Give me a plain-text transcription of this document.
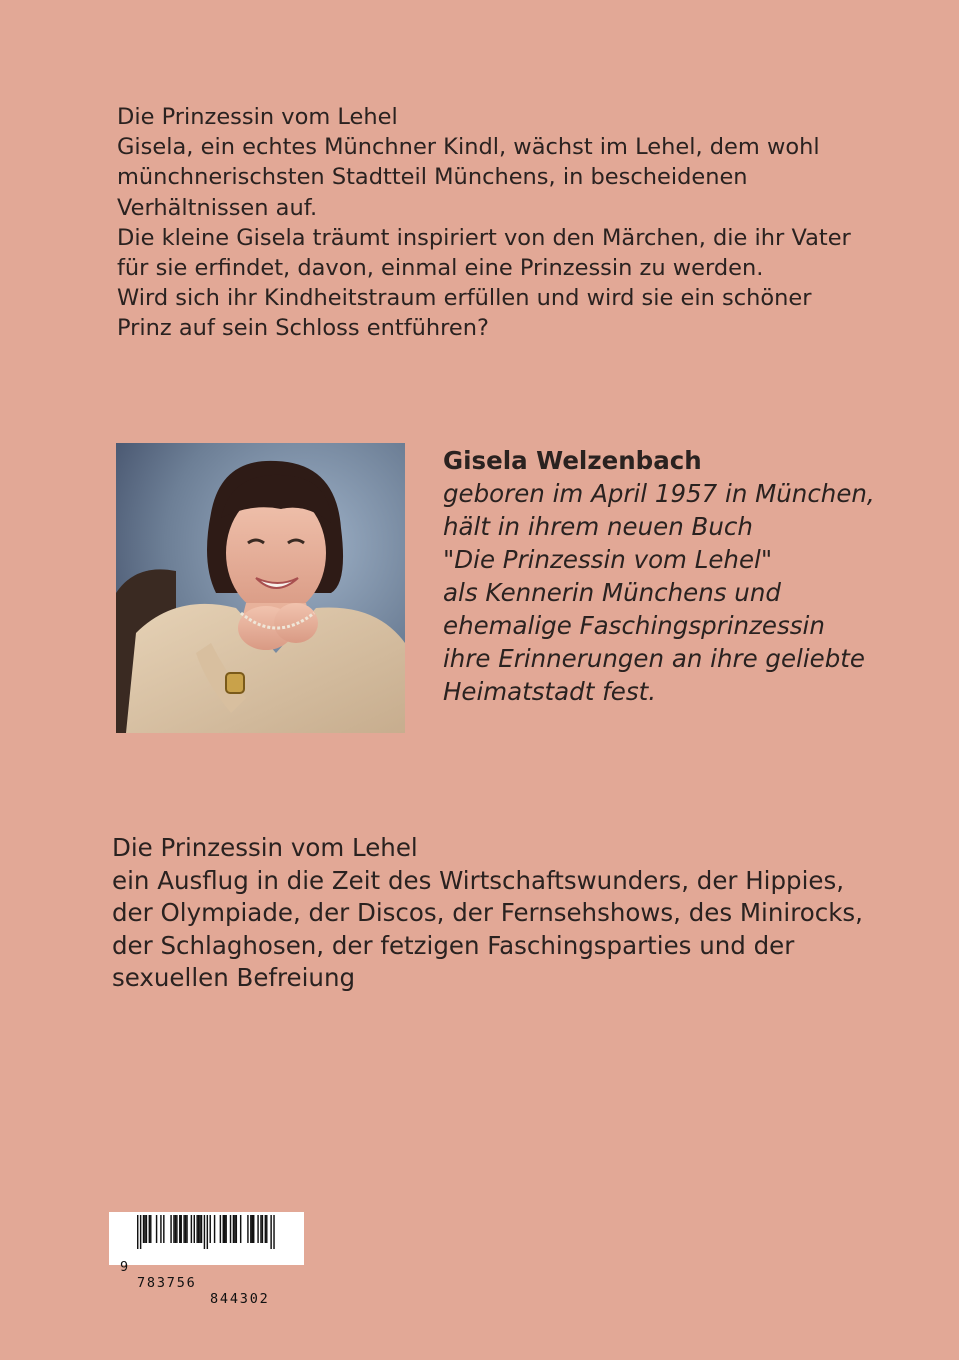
Die Prinzessin vom Lehel
Gisela, ein echtes Münchner Kindl, wächst im Lehel, dem wohl
münchnerischsten Stadtteil Münchens, in bescheidenen
Verhältnissen auf.
Die kleine Gisela träumt inspiriert von den Märchen, die ihr Vater
für sie erfindet, davon, einmal eine Prinzessin zu werden.
Wird sich ihr Kindheitstraum erfüllen und wird sie ein schöner
Prinz auf sein Schloss entführen?
Gisela Welzenbach
geboren im April 1957 in München,
hält in ihrem neuen Buch
"Die Prinzessin vom Lehel"
als Kennerin Münchens und
ehemalige Faschingsprinzessin
ihre Erinnerungen an ihre geliebte
Heimatstadt fest.
Die Prinzessin vom Lehel
ein Ausflug in die Zeit des Wirtschaftswunders, der Hippies,
der Olympiade, der Discos, der Fernsehshows, des Minirocks,
der Schlaghosen, der fetzigen Faschingsparties und der
sexuellen Befreiung

9

783756

844302
